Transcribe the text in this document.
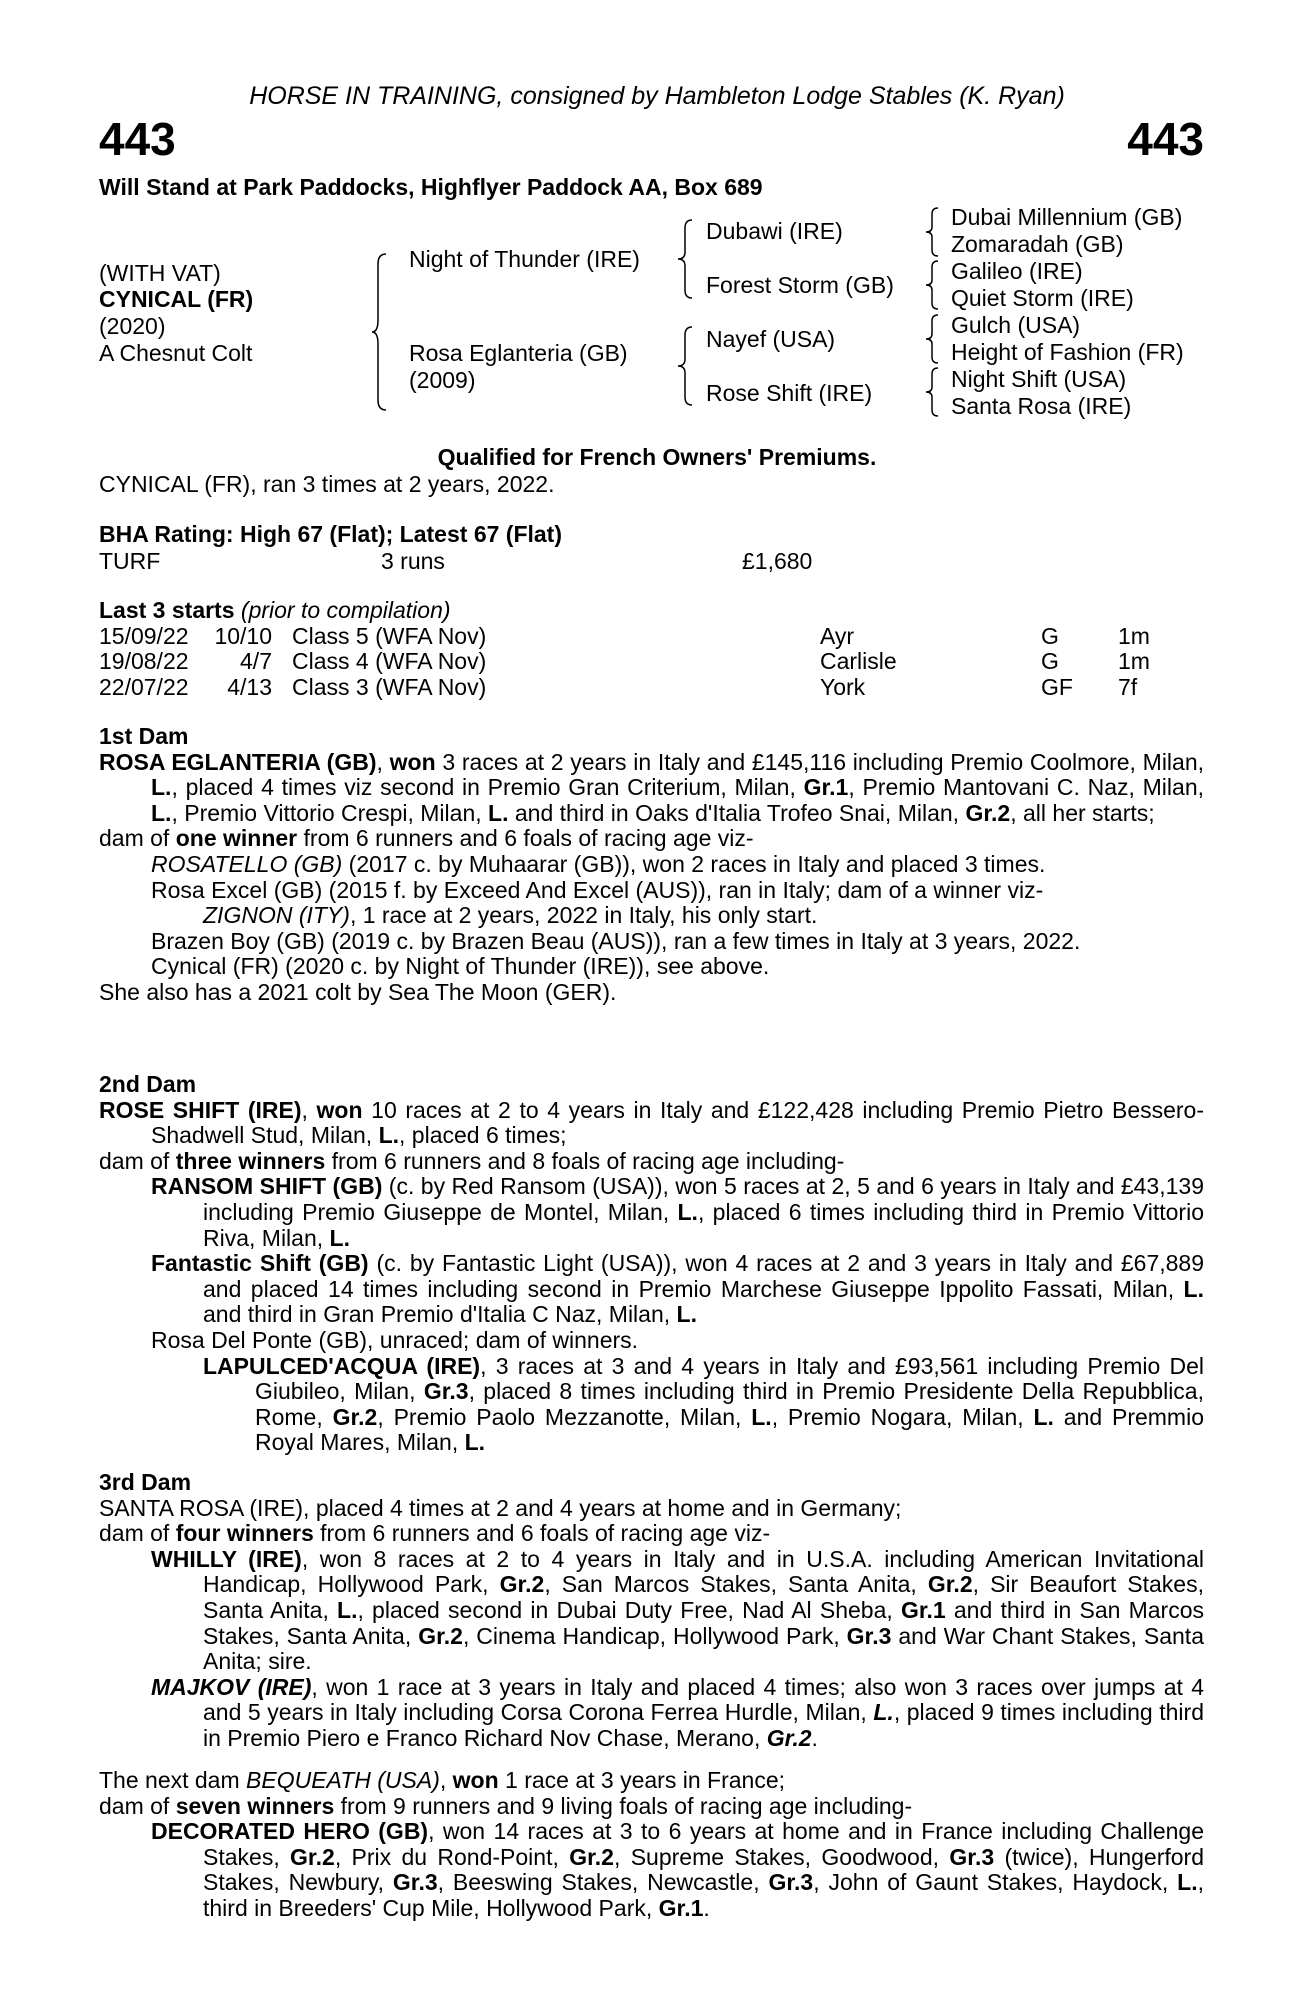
HORSE IN TRAINING, consigned by Hambleton Lodge Stables (K. Ryan)
443	443
Will Stand at Park Paddocks, Highflyer Paddock AA, Box 689
(WITH VAT)
CYNICAL (FR)
(2020)
A Chesnut Colt
Night of Thunder (IRE)
Rosa Eglanteria (GB)
(2009)
Dubawi (IRE)
Forest Storm (GB)
Nayef (USA)
Rose Shift (IRE)
Dubai Millennium (GB)
Zomaradah (GB)
Galileo (IRE)
Quiet Storm (IRE)
Gulch (USA)
Height of Fashion (FR)
Night Shift (USA)
Santa Rosa (IRE)
Qualified for French Owners' Premiums.
CYNICAL (FR), ran 3 times at 2 years, 2022.
BHA Rating: High 67 (Flat); Latest 67 (Flat)
TURF	3 runs	£1,680
Last 3 starts (prior to compilation)
15/09/22 10/10 Class 5 (WFA Nov)	Ayr	G	1m
19/08/22	4/7 Class 4 (WFA Nov)	Carlisle	G	1m
22/07/22	4/13 Class 3 (WFA Nov)	York	GF 7f
1st Dam
ROSA EGLANTERIA (GB), won 3 races at 2 years in Italy and £145,116 including Premio Coolmore, Milan, L., placed 4 times viz second in Premio Gran Criterium, Milan, Gr.1, Premio Mantovani C. Naz, Milan, L., Premio Vittorio Crespi, Milan, L. and third in Oaks d'Italia Trofeo Snai, Milan, Gr.2, all her starts;
dam of one winner from 6 runners and 6 foals of racing age viz-
ROSATELLO (GB) (2017 c. by Muhaarar (GB)), won 2 races in Italy and placed 3 times.
Rosa Excel (GB) (2015 f. by Exceed And Excel (AUS)), ran in Italy; dam of a winner viz-
ZIGNON (ITY), 1 race at 2 years, 2022 in Italy, his only start.
Brazen Boy (GB) (2019 c. by Brazen Beau (AUS)), ran a few times in Italy at 3 years, 2022.
Cynical (FR) (2020 c. by Night of Thunder (IRE)), see above.
She also has a 2021 colt by Sea The Moon (GER).
2nd Dam
ROSE SHIFT (IRE), won 10 races at 2 to 4 years in Italy and £122,428 including Premio Pietro Bessero-Shadwell Stud, Milan, L., placed 6 times;
dam of three winners from 6 runners and 8 foals of racing age including-
RANSOM SHIFT (GB) (c. by Red Ransom (USA)), won 5 races at 2, 5 and 6 years in Italy and £43,139 including Premio Giuseppe de Montel, Milan, L., placed 6 times including third in Premio Vittorio Riva, Milan, L.
Fantastic Shift (GB) (c. by Fantastic Light (USA)), won 4 races at 2 and 3 years in Italy and £67,889 and placed 14 times including second in Premio Marchese Giuseppe Ippolito Fassati, Milan, L. and third in Gran Premio d'Italia C Naz, Milan, L.
Rosa Del Ponte (GB), unraced; dam of winners.
LAPULCED'ACQUA (IRE), 3 races at 3 and 4 years in Italy and £93,561 including Premio Del Giubileo, Milan, Gr.3, placed 8 times including third in Premio Presidente Della Repubblica, Rome, Gr.2, Premio Paolo Mezzanotte, Milan, L., Premio Nogara, Milan, L. and Premmio Royal Mares, Milan, L.
3rd Dam
SANTA ROSA (IRE), placed 4 times at 2 and 4 years at home and in Germany;
dam of four winners from 6 runners and 6 foals of racing age viz-
WHILLY (IRE), won 8 races at 2 to 4 years in Italy and in U.S.A. including American Invitational Handicap, Hollywood Park, Gr.2, San Marcos Stakes, Santa Anita, Gr.2, Sir Beaufort Stakes, Santa Anita, L., placed second in Dubai Duty Free, Nad Al Sheba, Gr.1 and third in San Marcos Stakes, Santa Anita, Gr.2, Cinema Handicap, Hollywood Park, Gr.3 and War Chant Stakes, Santa Anita; sire.
MAJKOV (IRE), won 1 race at 3 years in Italy and placed 4 times; also won 3 races over jumps at 4 and 5 years in Italy including Corsa Corona Ferrea Hurdle, Milan, L., placed 9 times including third in Premio Piero e Franco Richard Nov Chase, Merano, Gr.2.
The next dam BEQUEATH (USA), won 1 race at 3 years in France;
dam of seven winners from 9 runners and 9 living foals of racing age including-
DECORATED HERO (GB), won 14 races at 3 to 6 years at home and in France including Challenge Stakes, Gr.2, Prix du Rond-Point, Gr.2, Supreme Stakes, Goodwood, Gr.3 (twice), Hungerford Stakes, Newbury, Gr.3, Beeswing Stakes, Newcastle, Gr.3, John of Gaunt Stakes, Haydock, L., third in Breeders' Cup Mile, Hollywood Park, Gr.1.
